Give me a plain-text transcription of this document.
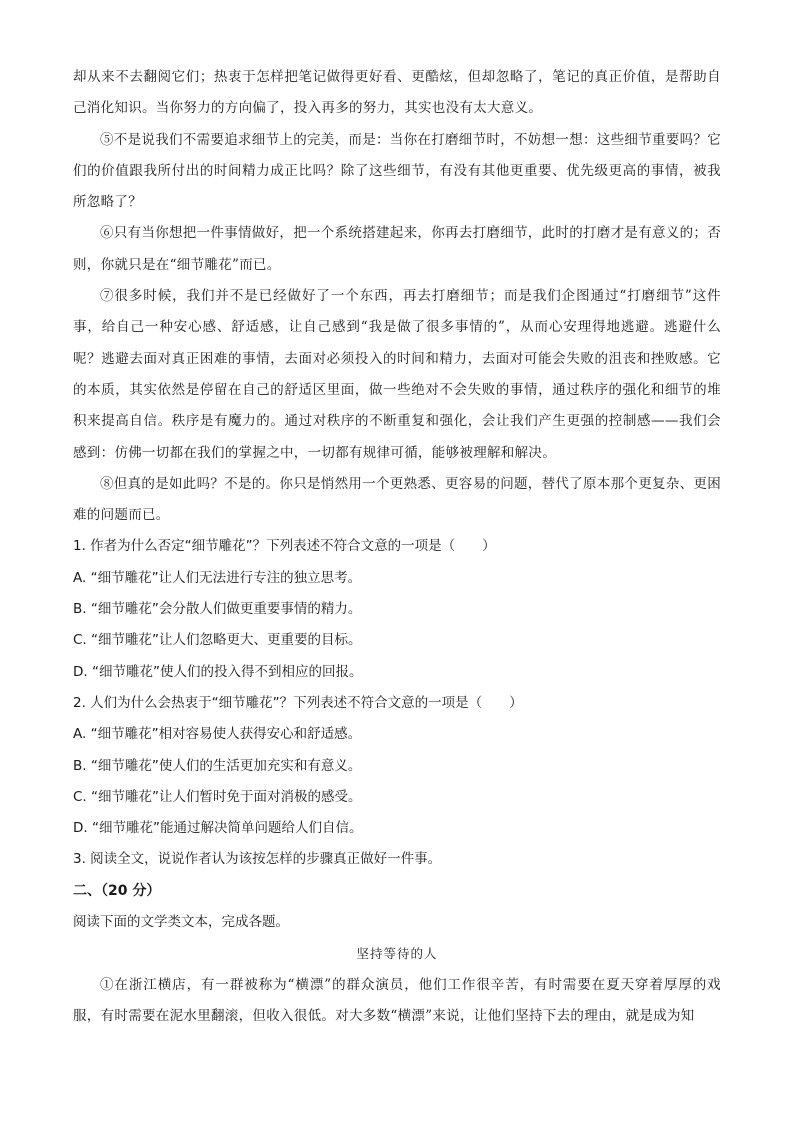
却从来不去翻阅它们；热衷于怎样把笔记做得更好看、更酷炫，但却忽略了，笔记的真正价值，是帮助自己消化知识。当你努力的方向偏了，投入再多的努力，其实也没有太大意义。

⑤不是说我们不需要追求细节上的完美，而是：当你在打磨细节时，不妨想一想：这些细节重要吗？它们的价值跟我所付出的时间精力成正比吗？除了这些细节，有没有其他更重要、优先级更高的事情，被我所忽略了？

⑥只有当你想把一件事情做好，把一个系统搭建起来，你再去打磨细节，此时的打磨才是有意义的；否则，你就只是在“细节雕花”而已。

⑦很多时候，我们并不是已经做好了一个东西，再去打磨细节；而是我们企图通过“打磨细节”这件事，给自己一种安心感、舒适感，让自己感到“我是做了很多事情的”，从而心安理得地逃避。逃避什么呢？逃避去面对真正困难的事情，去面对必须投入的时间和精力，去面对可能会失败的沮丧和挫败感。它的本质，其实依然是停留在自己的舒适区里面，做一些绝对不会失败的事情，通过秩序的强化和细节的堆积来提高自信。秩序是有魔力的。通过对秩序的不断重复和强化，会让我们产生更强的控制感——我们会感到：仿佛一切都在我们的掌握之中，一切都有规律可循，能够被理解和解决。

⑧但真的是如此吗？不是的。你只是悄然用一个更熟悉、更容易的问题，替代了原本那个更复杂、更困难的问题而已。

1. 作者为什么否定“细节雕花”？下列表述不符合文意的一项是（　　）

A. “细节雕花”让人们无法进行专注的独立思考。

B. “细节雕花”会分散人们做更重要事情的精力。

C. “细节雕花”让人们忽略更大、更重要的目标。

D. “细节雕花”使人们的投入得不到相应的回报。

2. 人们为什么会热衷于“细节雕花”？下列表述不符合文意的一项是（　　）

A. “细节雕花”相对容易使人获得安心和舒适感。

B. “细节雕花”使人们的生活更加充实和有意义。

C. “细节雕花”让人们暂时免于面对消极的感受。

D. “细节雕花”能通过解决简单问题给人们自信。

3. 阅读全文，说说作者认为该按怎样的步骤真正做好一件事。

二、（20 分）

阅读下面的文学类文本，完成各题。

坚持等待的人

①在浙江横店，有一群被称为“横漂”的群众演员，他们工作很辛苦，有时需要在夏天穿着厚厚的戏服，有时需要在泥水里翻滚，但收入很低。对大多数“横漂”来说，让他们坚持下去的理由，就是成为知
